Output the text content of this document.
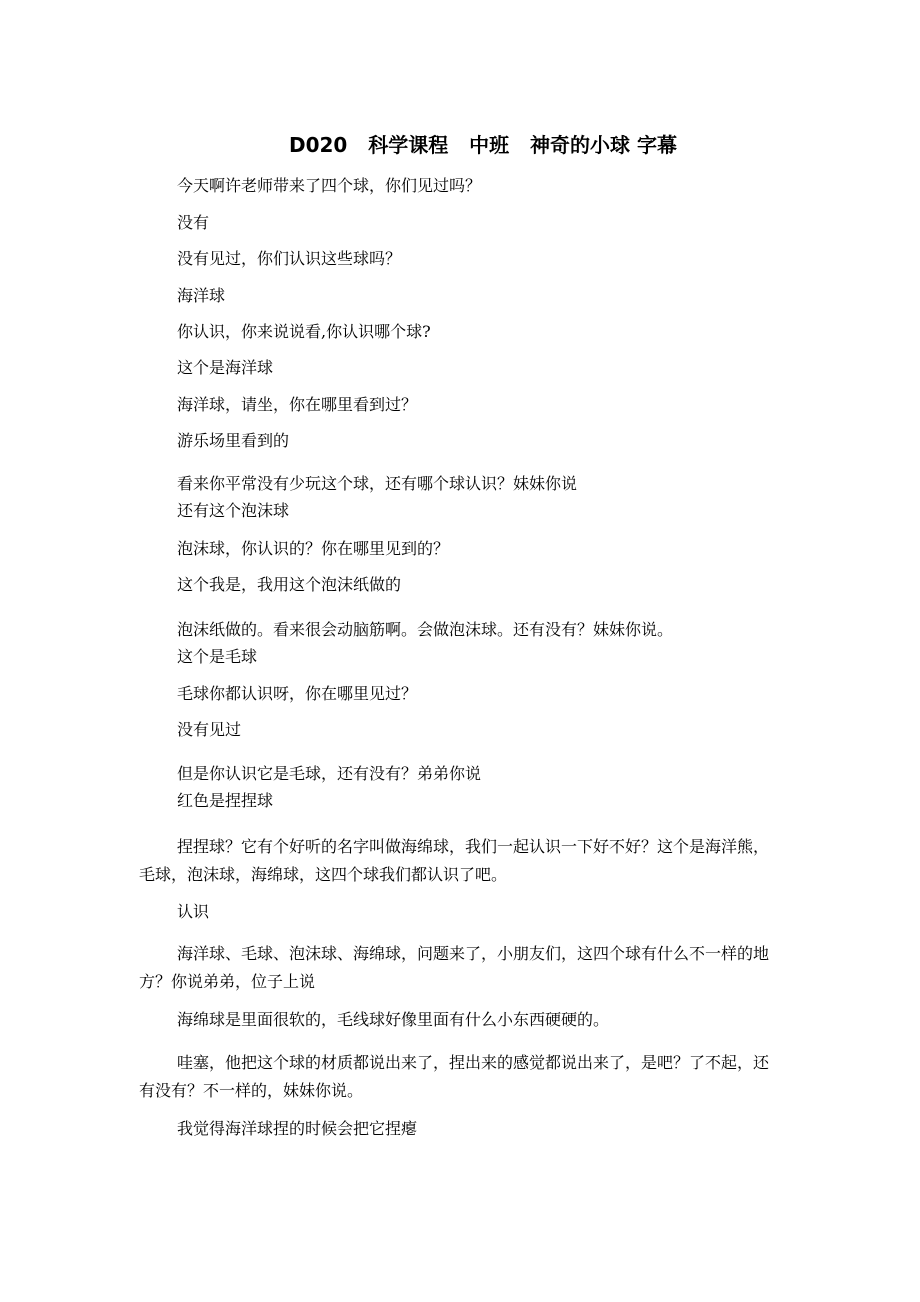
D020   科学课程   中班   神奇的小球 字幕
今天啊许老师带来了四个球，你们见过吗？
没有
没有见过，你们认识这些球吗？
海洋球
你认识，你来说说看,你认识哪个球?
这个是海洋球
海洋球，请坐，你在哪里看到过？
游乐场里看到的
看来你平常没有少玩这个球，还有哪个球认识？妹妹你说
还有这个泡沫球
泡沫球，你认识的？你在哪里见到的？
这个我是，我用这个泡沫纸做的
泡沫纸做的。看来很会动脑筋啊。会做泡沫球。还有没有？妹妹你说。
这个是毛球
毛球你都认识呀，你在哪里见过？
没有见过
但是你认识它是毛球，还有没有？弟弟你说
红色是捏捏球

捏捏球？它有个好听的名字叫做海绵球，我们一起认识一下好不好？这个是海洋熊，毛球，泡沫球，海绵球，这四个球我们都认识了吧。

认识

海洋球、毛球、泡沫球、海绵球，问题来了，小朋友们，这四个球有什么不一样的地方？你说弟弟，位子上说

海绵球是里面很软的，毛线球好像里面有什么小东西硬硬的。

哇塞，他把这个球的材质都说出来了，捏出来的感觉都说出来了，是吧？了不起，还有没有？不一样的，妹妹你说。

我觉得海洋球捏的时候会把它捏瘪
